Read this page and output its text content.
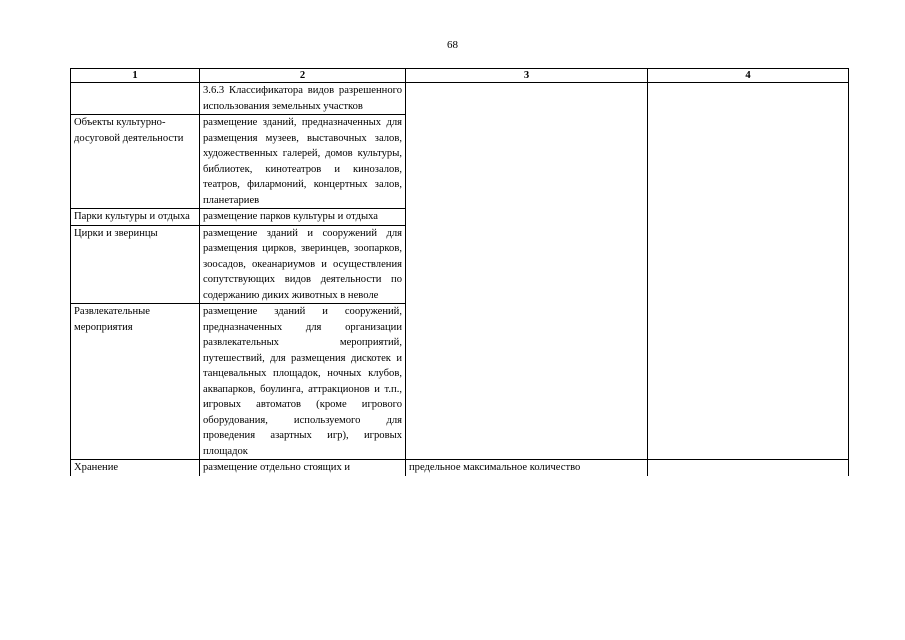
68
1	2	3	4
	3.6.3 Классификатора видов разрешенного использования земельных участков		
Объекты культурно-досуговой деятельности	размещение зданий, предназначенных для размещения музеев, выставочных залов, художественных галерей, домов культуры, библиотек, кинотеатров и кинозалов, театров, филармоний, концертных залов, планетариев		
Парки культуры и отдыха	размещение парков культуры и отдыха		
Цирки и зверинцы	размещение зданий и сооружений для размещения цирков, зверинцев, зоопарков, зоосадов, океанариумов и осуществления сопутствующих видов деятельности по содержанию диких животных в неволе		
Развлекательные мероприятия	размещение зданий и сооружений, предназначенных для организации развлекательных мероприятий, путешествий, для размещения дискотек и танцевальных площадок, ночных клубов, аквапарков, боулинга, аттракционов и т.п., игровых автоматов (кроме игрового оборудования, используемого для проведения азартных игр), игровых площадок		
Хранение	размещение отдельно стоящих и	предельное максимальное количество	
